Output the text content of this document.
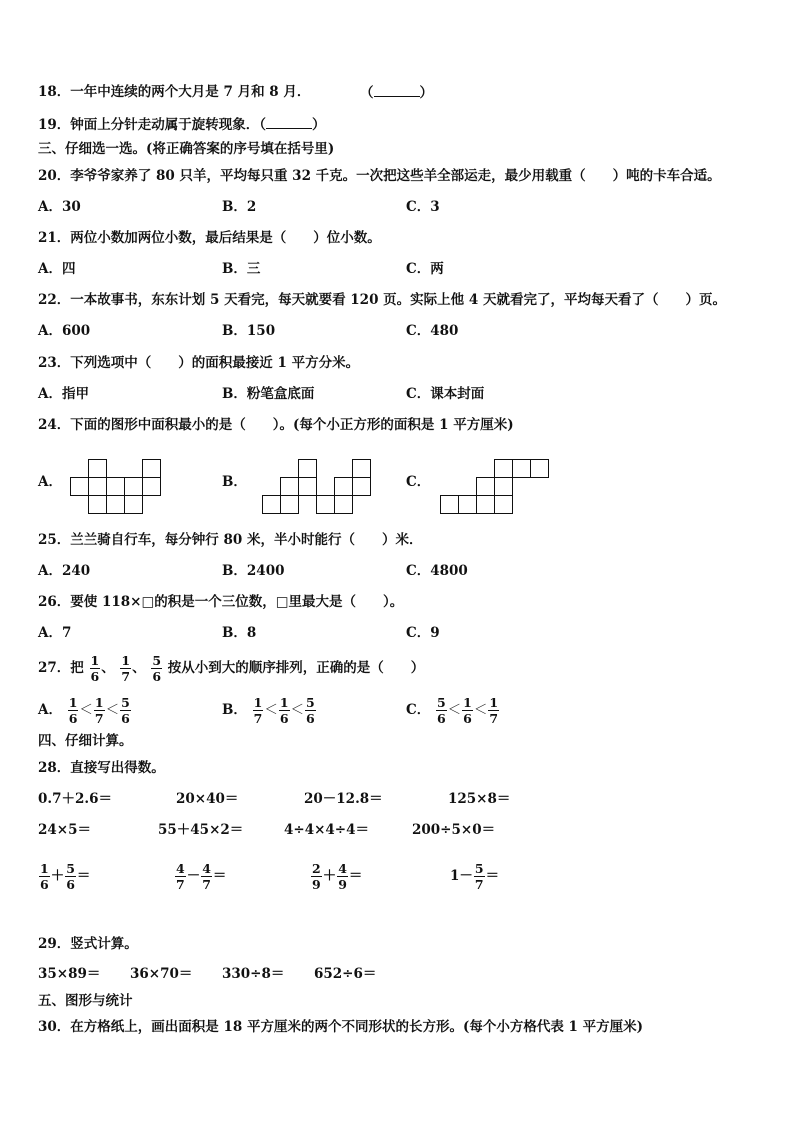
18．一年中连续的两个大月是 7 月和 8 月．	（	）
19．钟面上分针走动属于旋转现象．（	）
三、仔细选一选。(将正确答案的序号填在括号里)
20．李爷爷家养了 80 只羊，平均每只重 32 千克。一次把这些羊全部运走，最少用载重（　　）吨的卡车合适。
A．30	B．2	C．3
21．两位小数加两位小数，最后结果是（　　）位小数。
A．四	B．三	C．两
22．一本故事书，东东计划 5 天看完，每天就要看 120 页。实际上他 4 天就看完了，平均每天看了（　　）页。
A．600	B．150	C．480
23．下列选项中（　　）的面积最接近 1 平方分米。
A．指甲	B．粉笔盒底面	C．课本封面
24．下面的图形中面积最小的是（　　）。(每个小正方形的面积是 1 平方厘米)
A．	B．	C．
25．兰兰骑自行车，每分钟行 80 米，半小时能行（　　）米．
A．240	B．2400	C．4800
26．要使 118×□的积是一个三位数，□里最大是（　　）。
A．7	B．8	C．9
27．把 $\frac{1}{6}$ 、 $\frac{1}{7}$ 、 $\frac{5}{6}$ 按从小到大的顺序排列，正确的是（　　）
A． $\frac{1}{6} < \frac{1}{7} < \frac{5}{6}$	B． $\frac{1}{7} < \frac{1}{6} < \frac{5}{6}$	C． $\frac{5}{6} < \frac{1}{6} < \frac{1}{7}$
四、仔细计算。
28．直接写出得数。
0.7＋2.6＝	20×40＝	20－12.8＝	125×8＝
24×5＝	55＋45×2＝	4÷4×4÷4＝	200÷5×0＝
$\frac{1}{6} + \frac{5}{6}$ ＝	$\frac{4}{7} - \frac{4}{7}$ ＝	$\frac{2}{9} + \frac{4}{9}$ ＝	$1- \frac{5}{7}$ ＝
29．竖式计算。
35×89＝ 36×70＝ 330÷8＝ 652÷6＝
五、图形与统计
30．在方格纸上，画出面积是 18 平方厘米的两个不同形状的长方形。(每个小方格代表 1 平方厘米)
